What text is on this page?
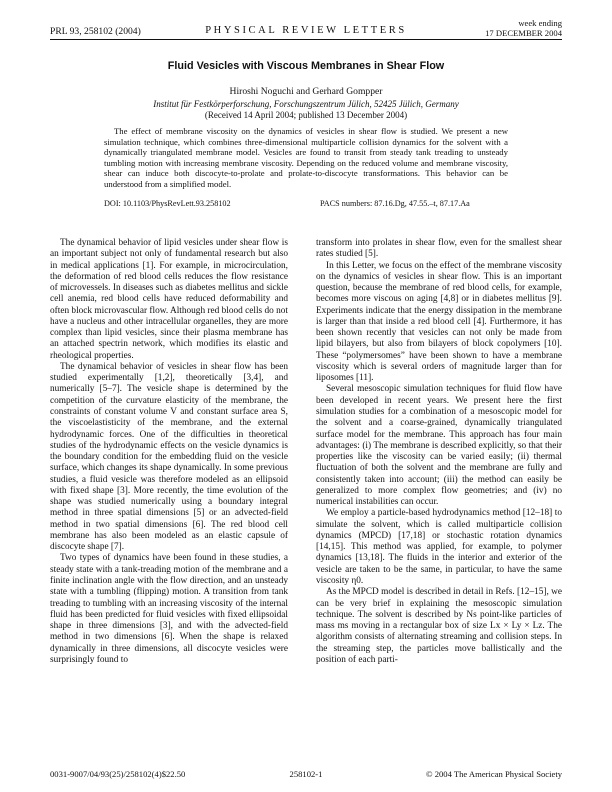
PRL 93, 258102 (2004)	PHYSICAL REVIEW LETTERS
week ending
17 DECEMBER 2004
Fluid Vesicles with Viscous Membranes in Shear Flow
Hiroshi Noguchi and Gerhard Gompper
Institut für Festkörperforschung, Forschungszentrum Jülich, 52425 Jülich, Germany
(Received 14 April 2004; published 13 December 2004)

The effect of membrane viscosity on the dynamics of vesicles in shear flow is studied. We present a new simulation technique, which combines three-dimensional multiparticle collision dynamics for the solvent with a dynamically triangulated membrane model. Vesicles are found to transit from steady tank treading to unsteady tumbling motion with increasing membrane viscosity. Depending on the reduced volume and membrane viscosity, shear can induce both discocyte-to-prolate and prolate-to-discocyte transformations. This behavior can be understood from a simplified model.

DOI: 10.1103/PhysRevLett.93.258102	PACS numbers: 87.16.Dg, 47.55.–t, 87.17.Aa

The dynamical behavior of lipid vesicles under shear flow is an important subject not only of fundamental research but also in medical applications [1]. For example, in microcirculation, the deformation of red blood cells reduces the flow resistance of microvessels. In diseases such as diabetes mellitus and sickle cell anemia, red blood cells have reduced deformability and often block microvascular flow. Although red blood cells do not have a nucleus and other intracellular organelles, they are more complex than lipid vesicles, since their plasma membrane has an attached spectrin network, which modifies its elastic and rheological properties.

The dynamical behavior of vesicles in shear flow has been studied experimentally [1,2], theoretically [3,4], and numerically [5–7]. The vesicle shape is determined by the competition of the curvature elasticity of the membrane, the constraints of constant volume V and constant surface area S, the viscoelastisticity of the membrane, and the external hydrodynamic forces. One of the difficulties in theoretical studies of the hydrodynamic effects on the vesicle dynamics is the boundary condition for the embedding fluid on the vesicle surface, which changes its shape dynamically. In some previous studies, a fluid vesicle was therefore modeled as an ellipsoid with fixed shape [3]. More recently, the time evolution of the shape was studied numerically using a boundary integral method in three spatial dimensions [5] or an advected-field method in two spatial dimensions [6]. The red blood cell membrane has also been modeled as an elastic capsule of discocyte shape [7].

Two types of dynamics have been found in these studies, a steady state with a tank-treading motion of the membrane and a finite inclination angle with the flow direction, and an unsteady state with a tumbling (flipping) motion. A transition from tank treading to tumbling with an increasing viscosity of the internal fluid has been predicted for fluid vesicles with fixed ellipsoidal shape in three dimensions [3], and with the advected-field method in two dimensions [6]. When the shape is relaxed dynamically in three dimensions, all discocyte vesicles were surprisingly found to

transform into prolates in shear flow, even for the smallest shear rates studied [5].

In this Letter, we focus on the effect of the membrane viscosity on the dynamics of vesicles in shear flow. This is an important question, because the membrane of red blood cells, for example, becomes more viscous on aging [4,8] or in diabetes mellitus [9]. Experiments indicate that the energy dissipation in the membrane is larger than that inside a red blood cell [4]. Furthermore, it has been shown recently that vesicles can not only be made from lipid bilayers, but also from bilayers of block copolymers [10]. These “polymersomes” have been shown to have a membrane viscosity which is several orders of magnitude larger than for liposomes [11].

Several mesoscopic simulation techniques for fluid flow have been developed in recent years. We present here the first simulation studies for a combination of a mesoscopic model for the solvent and a coarse-grained, dynamically triangulated surface model for the membrane. This approach has four main advantages: (i) The membrane is described explicitly, so that their properties like the viscosity can be varied easily; (ii) thermal fluctuation of both the solvent and the membrane are fully and consistently taken into account; (iii) the method can easily be generalized to more complex flow geometries; and (iv) no numerical instabilities can occur.

We employ a particle-based hydrodynamics method [12–18] to simulate the solvent, which is called multiparticle collision dynamics (MPCD) [17,18] or stochastic rotation dynamics [14,15]. This method was applied, for example, to polymer dynamics [13,18]. The fluids in the interior and exterior of the vesicle are taken to be the same, in particular, to have the same viscosity η0.

As the MPCD model is described in detail in Refs. [12–15], we can be very brief in explaining the mesoscopic simulation technique. The solvent is described by Ns point-like particles of mass ms moving in a rectangular box of size Lx × Ly × Lz. The algorithm consists of alternating streaming and collision steps. In the streaming step, the particles move ballistically and the position of each parti-

0031-9007/04/93(25)/258102(4)$22.50	258102-1	© 2004 The American Physical Society
